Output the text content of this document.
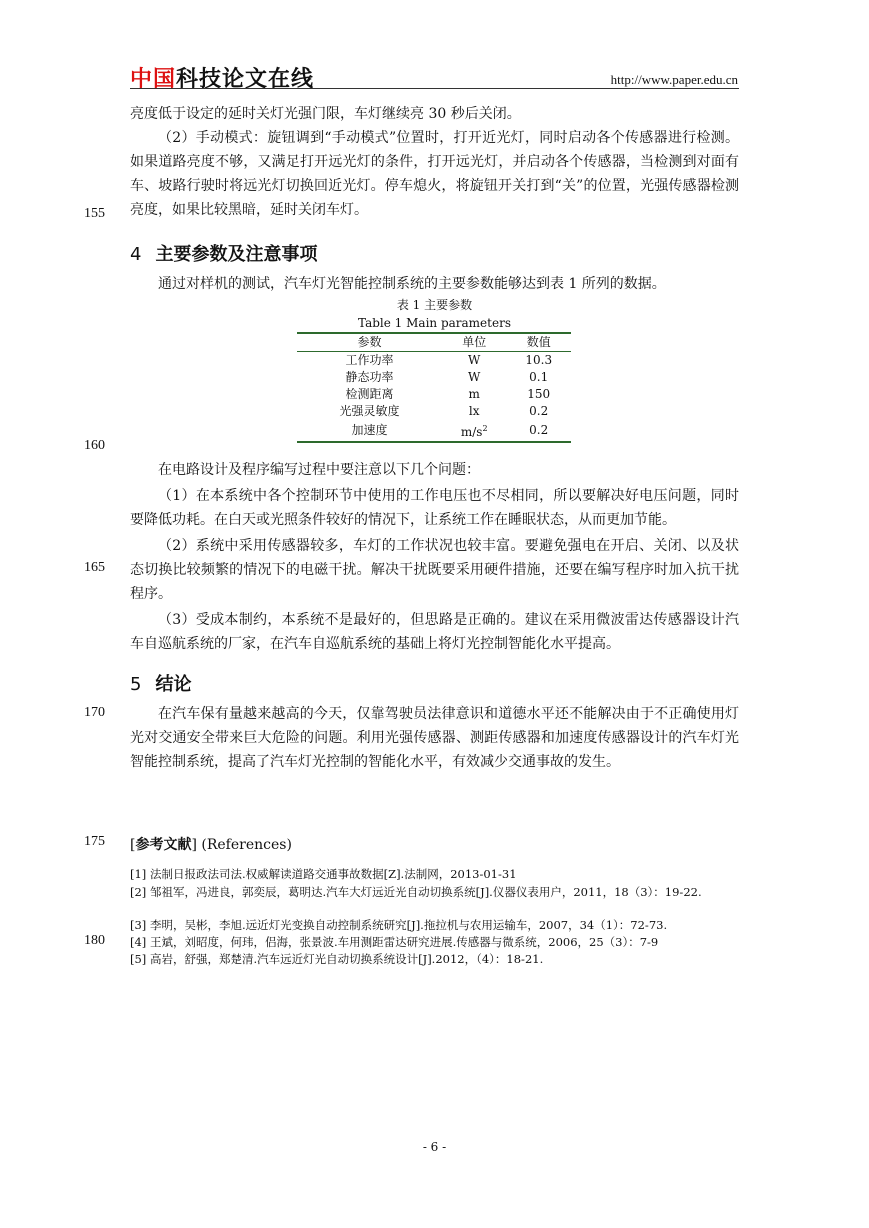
中国科技论文在线	http://www.paper.edu.cn
亮度低于设定的延时关灯光强门限，车灯继续亮 30 秒后关闭。
（2）手动模式：旋钮调到“手动模式”位置时，打开近光灯，同时启动各个传感器进行检测。如果道路亮度不够，又满足打开远光灯的条件，打开远光灯，并启动各个传感器，当检测到对面有车、坡路行驶时将远光灯切换回近光灯。停车熄火，将旋钮开关打到“关”的位置，光强传感器检测亮度，如果比较黑暗，延时关闭车灯。
155
4 主要参数及注意事项
通过对样机的测试，汽车灯光智能控制系统的主要参数能够达到表 1 所列的数据。
表 1 主要参数
Table 1 Main parameters
参数	单位	数值
工作功率	W	10.3
静态功率	W	0.1
检测距离	m	150
光强灵敏度	lx	0.2
加速度	$m/s^2$	0.2
160
在电路设计及程序编写过程中要注意以下几个问题：
（1）在本系统中各个控制环节中使用的工作电压也不尽相同，所以要解决好电压问题，同时要降低功耗。在白天或光照条件较好的情况下，让系统工作在睡眠状态，从而更加节能。
（2）系统中采用传感器较多，车灯的工作状况也较丰富。要避免强电在开启、关闭、以及状态切换比较频繁的情况下的电磁干扰。解决干扰既要采用硬件措施，还要在编写程序时加入抗干扰程序。
165
（3）受成本制约，本系统不是最好的，但思路是正确的。建议在采用微波雷达传感器设计汽车自巡航系统的厂家，在汽车自巡航系统的基础上将灯光控制智能化水平提高。
5 结论
170	在汽车保有量越来越高的今天，仅靠驾驶员法律意识和道德水平还不能解决由于不正确使用灯光对交通安全带来巨大危险的问题。利用光强传感器、测距传感器和加速度传感器设计的汽车灯光智能控制系统，提高了汽车灯光控制的智能化水平，有效减少交通事故的发生。
175 [参考文献] (References)
[1] 法制日报政法司法.权威解读道路交通事故数据[Z].法制网，2013-01-31
[2] 邹祖军，冯进良，郭奕辰，葛明达.汽车大灯远近光自动切换系统[J].仪器仪表用户，2011，18（3）：19-22.
[3] 李明，吴彬，李旭.远近灯光变换自动控制系统研究[J].拖拉机与农用运输车，2007，34（1）：72-73.
[4] 王斌，刘昭度，何玮，侣海，张景波.车用测距雷达研究进展.传感器与微系统，2006，25（3）：7-9
180
[5] 高岩，舒强，郑楚清.汽车远近灯光自动切换系统设计[J].2012，（4）：18-21.
- 6 -
